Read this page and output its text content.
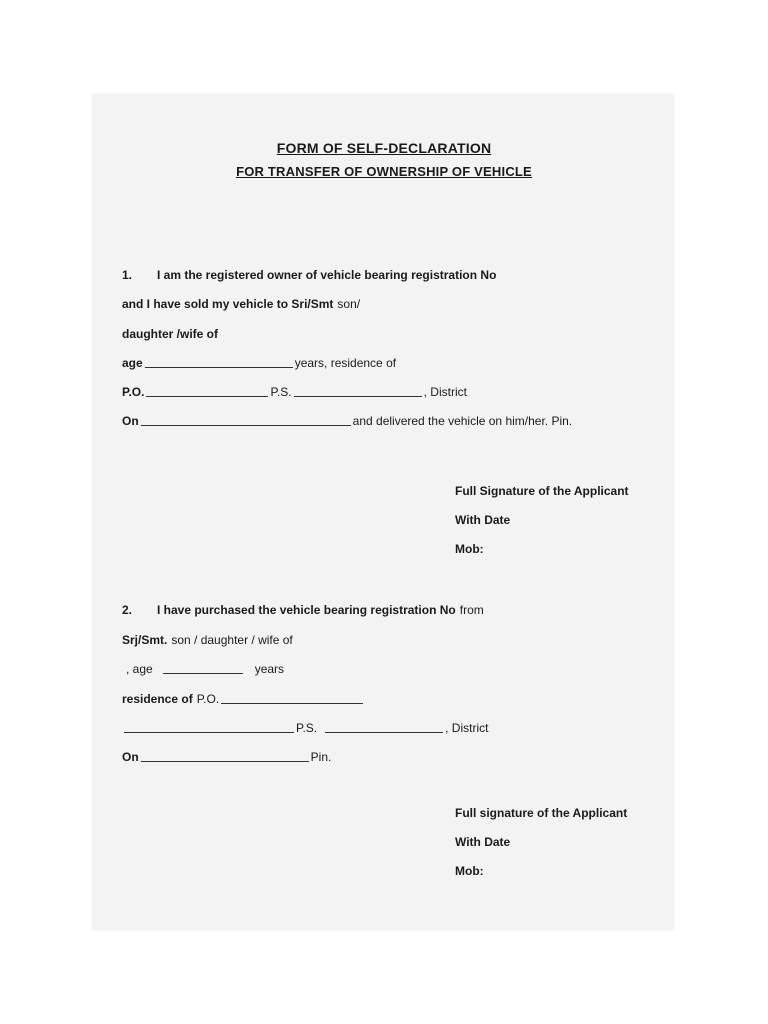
FORM OF SELF-DECLARATION
FOR TRANSFER OF OWNERSHIP OF VEHICLE
1.	I am the registered owner of vehicle bearing registration No
and I have sold my vehicle to Sri/Smt son/
daughter /wife of
age	years, residence of
P.O.	P.S.	, District
On	and delivered the vehicle on him/her. Pin.
Full Signature of the Applicant
With Date
Mob:
2.	I have purchased the vehicle bearing registration No from
Srj/Smt. son / daughter / wife of
, age	years
residence of P.O.
P.S.	, District
On	Pin.
Full signature of the Applicant
With Date
Mob:
